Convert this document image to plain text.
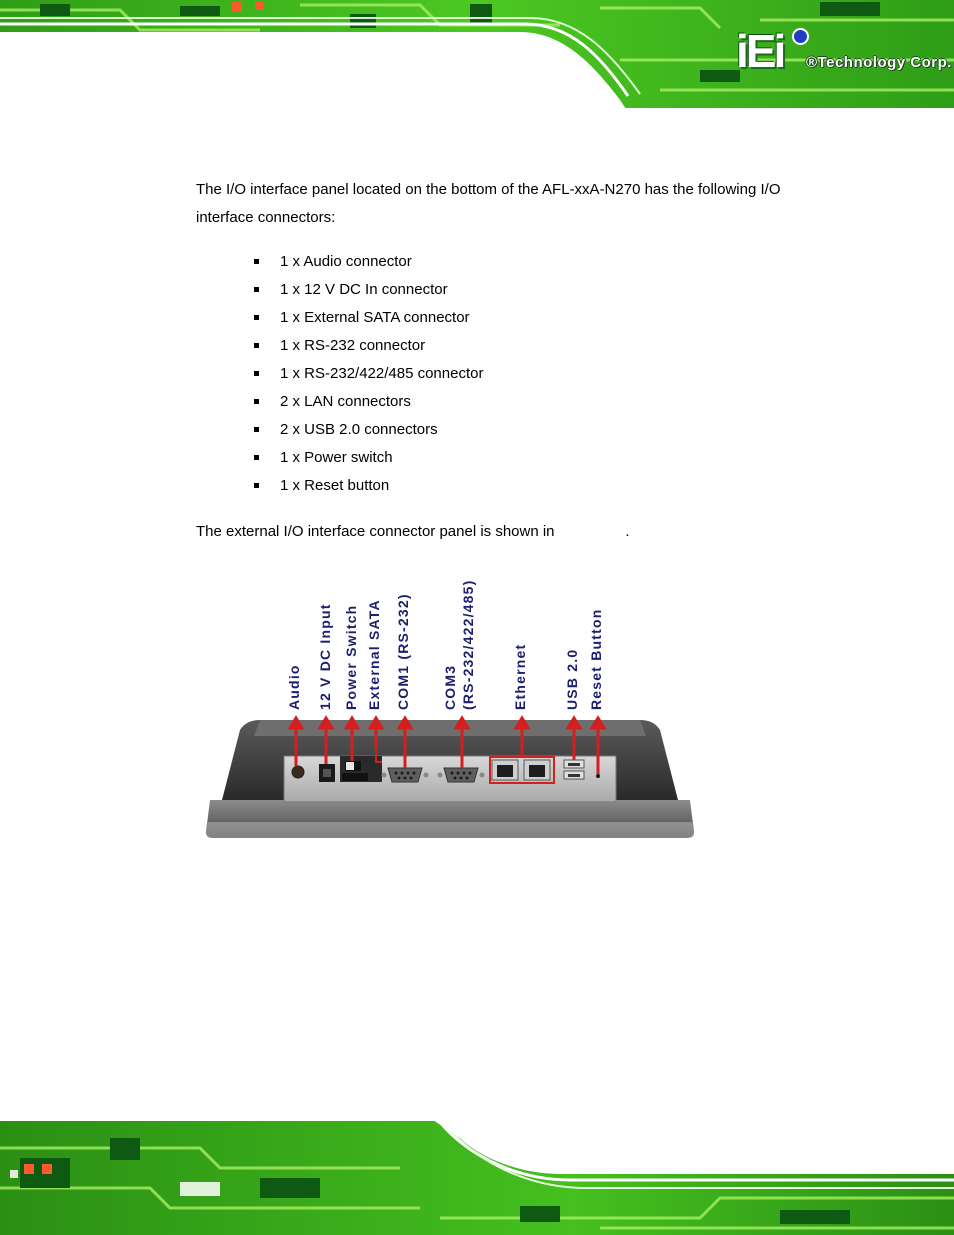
iEi	®Technology Corp.

The I/O interface panel located on the bottom of the AFL-xxA-N270 has the following I/O interface connectors:

1 x Audio connector
1 x 12 V DC In connector
1 x External SATA connector
1 x RS-232 connector
1 x RS-232/422/485 connector
2 x LAN connectors
2 x USB 2.0 connectors
1 x Power switch
1 x Reset button

The external I/O interface connector panel is shown in                 .

Audio 12 V DC Input Power Switch External SATA COM1 (RS-232) COM3 (RS-232/422/485)	Ethernet	USB 2.0 Reset Button
